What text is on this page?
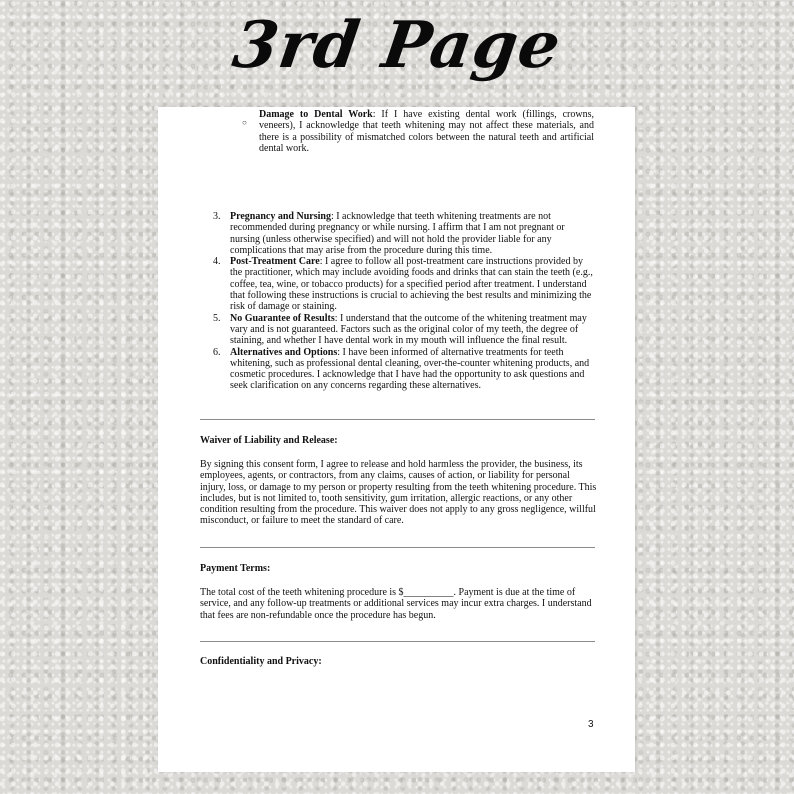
3rd Page
○
Damage to Dental Work: If I have existing dental work (fillings, crowns, veneers), I acknowledge that teeth whitening may not affect these materials, and there is a possibility of mismatched colors between the natural teeth and artificial dental work.
3. Pregnancy and Nursing: I acknowledge that teeth whitening treatments are not recommended during pregnancy or while nursing. I affirm that I am not pregnant or nursing (unless otherwise specified) and will not hold the provider liable for any complications that may arise from the procedure during this time.
4. Post-Treatment Care: I agree to follow all post-treatment care instructions provided by the practitioner, which may include avoiding foods and drinks that can stain the teeth (e.g., coffee, tea, wine, or tobacco products) for a specified period after treatment. I understand that following these instructions is crucial to achieving the best results and minimizing the risk of damage or staining.
5. No Guarantee of Results: I understand that the outcome of the whitening treatment may vary and is not guaranteed. Factors such as the original color of my teeth, the degree of staining, and whether I have dental work in my mouth will influence the final result.
6. Alternatives and Options: I have been informed of alternative treatments for teeth whitening, such as professional dental cleaning, over-the-counter whitening products, and cosmetic procedures. I acknowledge that I have had the opportunity to ask questions and seek clarification on any concerns regarding these alternatives.
Waiver of Liability and Release:
By signing this consent form, I agree to release and hold harmless the provider, the business, its employees, agents, or contractors, from any claims, causes of action, or liability for personal injury, loss, or damage to my person or property resulting from the teeth whitening procedure. This includes, but is not limited to, tooth sensitivity, gum irritation, allergic reactions, or any other condition resulting from the procedure. This waiver does not apply to any gross negligence, willful misconduct, or failure to meet the standard of care.
Payment Terms:
The total cost of the teeth whitening procedure is $__________. Payment is due at the time of service, and any follow-up treatments or additional services may incur extra charges. I understand that fees are non-refundable once the procedure has begun.
Confidentiality and Privacy:
3
